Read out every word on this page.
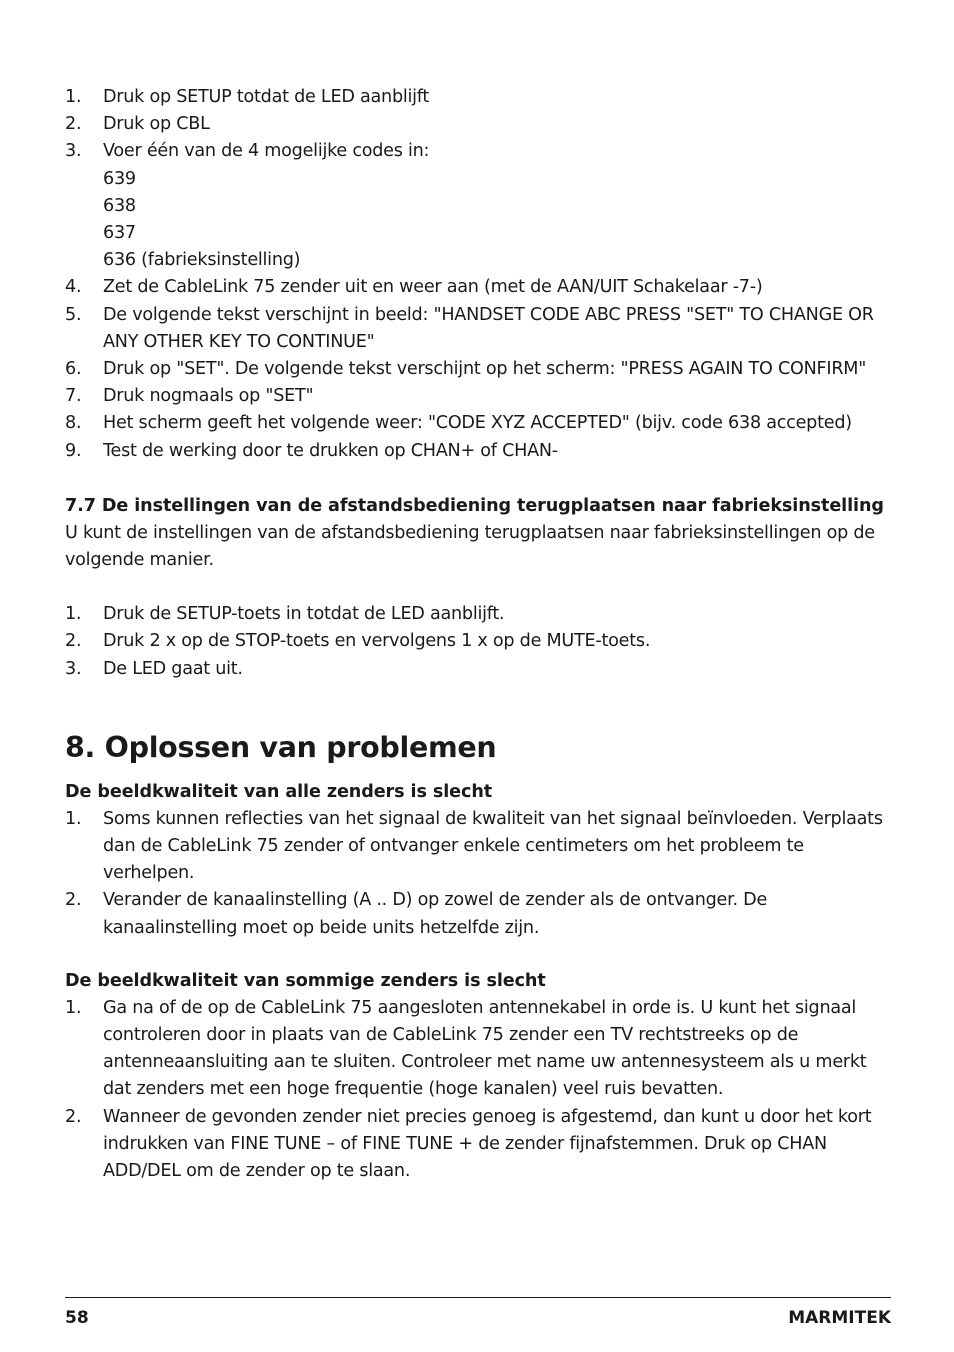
1. Druk op SETUP totdat de LED aanblijft
2. Druk op CBL
3. Voer één van de 4 mogelijke codes in:
639
638
637
636 (fabrieksinstelling)
4. Zet de CableLink 75 zender uit en weer aan (met de AAN/UIT Schakelaar -7-)
5. De volgende tekst verschijnt in beeld: "HANDSET CODE ABC PRESS "SET" TO CHANGE OR ANY OTHER KEY TO CONTINUE"
6. Druk op "SET". De volgende tekst verschijnt op het scherm: "PRESS AGAIN TO CONFIRM"
7. Druk nogmaals op "SET"
8. Het scherm geeft het volgende weer: "CODE XYZ ACCEPTED" (bijv. code 638 accepted)
9. Test de werking door te drukken op CHAN+ of CHAN-
7.7 De instellingen van de afstandsbediening terugplaatsen naar fabrieksinstelling
U kunt de instellingen van de afstandsbediening terugplaatsen naar fabrieksinstellingen op de volgende manier.
1. Druk de SETUP-toets in totdat de LED aanblijft.
2. Druk 2 x op de STOP-toets en vervolgens 1 x op de MUTE-toets.
3. De LED gaat uit.
8. Oplossen van problemen
De beeldkwaliteit van alle zenders is slecht
1. Soms kunnen reflecties van het signaal de kwaliteit van het signaal beïnvloeden. Verplaats dan de CableLink 75 zender of ontvanger enkele centimeters om het probleem te verhelpen.
2. Verander de kanaalinstelling (A .. D) op zowel de zender als de ontvanger. De kanaalinstelling moet op beide units hetzelfde zijn.
De beeldkwaliteit van sommige zenders is slecht
1. Ga na of de op de CableLink 75 aangesloten antennekabel in orde is. U kunt het signaal controleren door in plaats van de CableLink 75 zender een TV rechtstreeks op de antenneaansluiting aan te sluiten. Controleer met name uw antennesysteem als u merkt dat zenders met een hoge frequentie (hoge kanalen) veel ruis bevatten.
2. Wanneer de gevonden zender niet precies genoeg is afgestemd, dan kunt u door het kort indrukken van FINE TUNE – of FINE TUNE + de zender fijnafstemmen. Druk op CHAN ADD/DEL om de zender op te slaan.
58	MARMITEK
